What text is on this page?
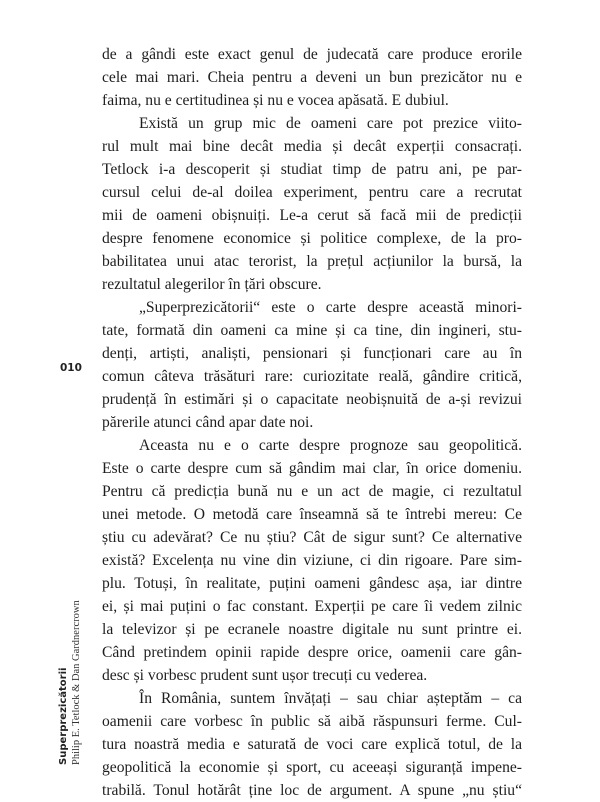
de a gândi este exact genul de judecată care produce erorile
cele mai mari. Cheia pentru a deveni un bun prezicător nu e
faima, nu e certitudinea și nu e vocea apăsată. E dubiul.

Există un grup mic de oameni care pot prezice viito-
rul mult mai bine decât media și decât experții consacrați.
Tetlock i-a descoperit și studiat timp de patru ani, pe par-
cursul celui de-al doilea experiment, pentru care a recrutat
mii de oameni obișnuiți. Le-a cerut să facă mii de predicții
despre fenomene economice și politice complexe, de la pro-
babilitatea unui atac terorist, la prețul acțiunilor la bursă, la
rezultatul alegerilor în țări obscure.

„Superprezicătorii“ este o carte despre această minori-
tate, formată din oameni ca mine și ca tine, din ingineri, stu-
denți, artiști, analiști, pensionari și funcționari care au în
comun câteva trăsături rare: curiozitate reală, gândire critică,
prudență în estimări și o capacitate neobișnuită de a-și revizui
părerile atunci când apar date noi.

Aceasta nu e o carte despre prognoze sau geopolitică.
Este o carte despre cum să gândim mai clar, în orice domeniu.
Pentru că predicția bună nu e un act de magie, ci rezultatul
unei metode. O metodă care înseamnă să te întrebi mereu: Ce
știu cu adevărat? Ce nu știu? Cât de sigur sunt? Ce alternative
există? Excelența nu vine din viziune, ci din rigoare. Pare sim-
plu. Totuși, în realitate, puțini oameni gândesc așa, iar dintre
ei, și mai puțini o fac constant. Experții pe care îi vedem zilnic
la televizor și pe ecranele noastre digitale nu sunt printre ei.
Când pretindem opinii rapide despre orice, oamenii care gân-
desc și vorbesc prudent sunt ușor trecuți cu vederea.

În România, suntem învățați – sau chiar așteptăm – ca
oamenii care vorbesc în public să aibă răspunsuri ferme. Cul-
tura noastră media e saturată de voci care explică totul, de la
geopolitică la economie și sport, cu aceeași siguranță impene-
trabilă. Tonul hotărât ține loc de argument. A spune „nu știu“

010
Superprezicătorii Philip E. Tetlock & Dan Gardnercrown
